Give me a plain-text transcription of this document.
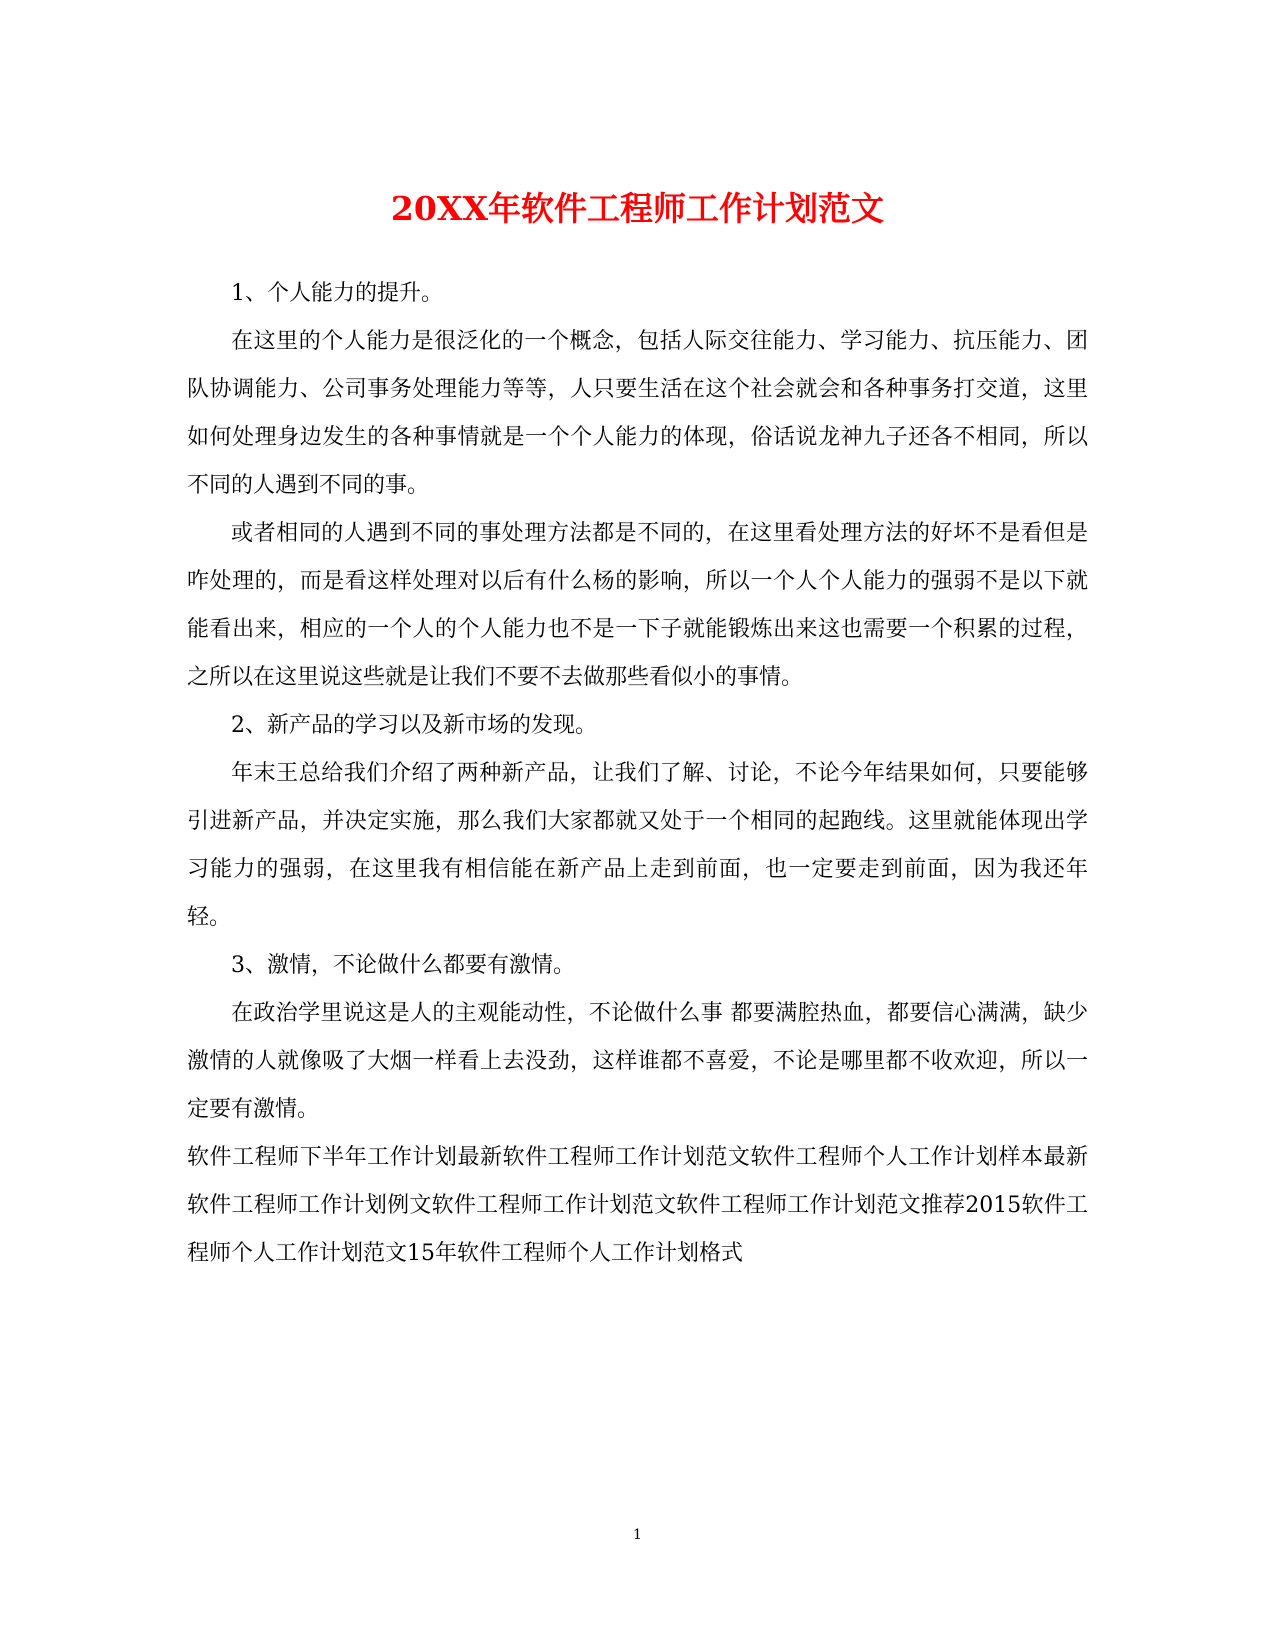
20XX年软件工程师工作计划范文

1、个人能力的提升。

在这里的个人能力是很泛化的一个概念，包括人际交往能力、学习能力、抗压能力、团队协调能力、公司事务处理能力等等，人只要生活在这个社会就会和各种事务打交道，这里如何处理身边发生的各种事情就是一个个人能力的体现，俗话说龙神九子还各不相同，所以不同的人遇到不同的事。

或者相同的人遇到不同的事处理方法都是不同的，在这里看处理方法的好坏不是看但是咋处理的，而是看这样处理对以后有什么杨的影响，所以一个人个人能力的强弱不是以下就能看出来，相应的一个人的个人能力也不是一下子就能锻炼出来这也需要一个积累的过程，之所以在这里说这些就是让我们不要不去做那些看似小的事情。

2、新产品的学习以及新市场的发现。

年末王总给我们介绍了两种新产品，让我们了解、讨论，不论今年结果如何，只要能够引进新产品，并决定实施，那么我们大家都就又处于一个相同的起跑线。这里就能体现出学习能力的强弱，在这里我有相信能在新产品上走到前面，也一定要走到前面，因为我还年轻。

3、激情，不论做什么都要有激情。

在政治学里说这是人的主观能动性，不论做什么事 都要满腔热血，都要信心满满，缺少激情的人就像吸了大烟一样看上去没劲，这样谁都不喜爱，不论是哪里都不收欢迎，所以一定要有激情。

软件工程师下半年工作计划最新软件工程师工作计划范文软件工程师个人工作计划样本最新软件工程师工作计划例文软件工程师工作计划范文软件工程师工作计划范文推荐2015软件工程师个人工作计划范文15年软件工程师个人工作计划格式

1
